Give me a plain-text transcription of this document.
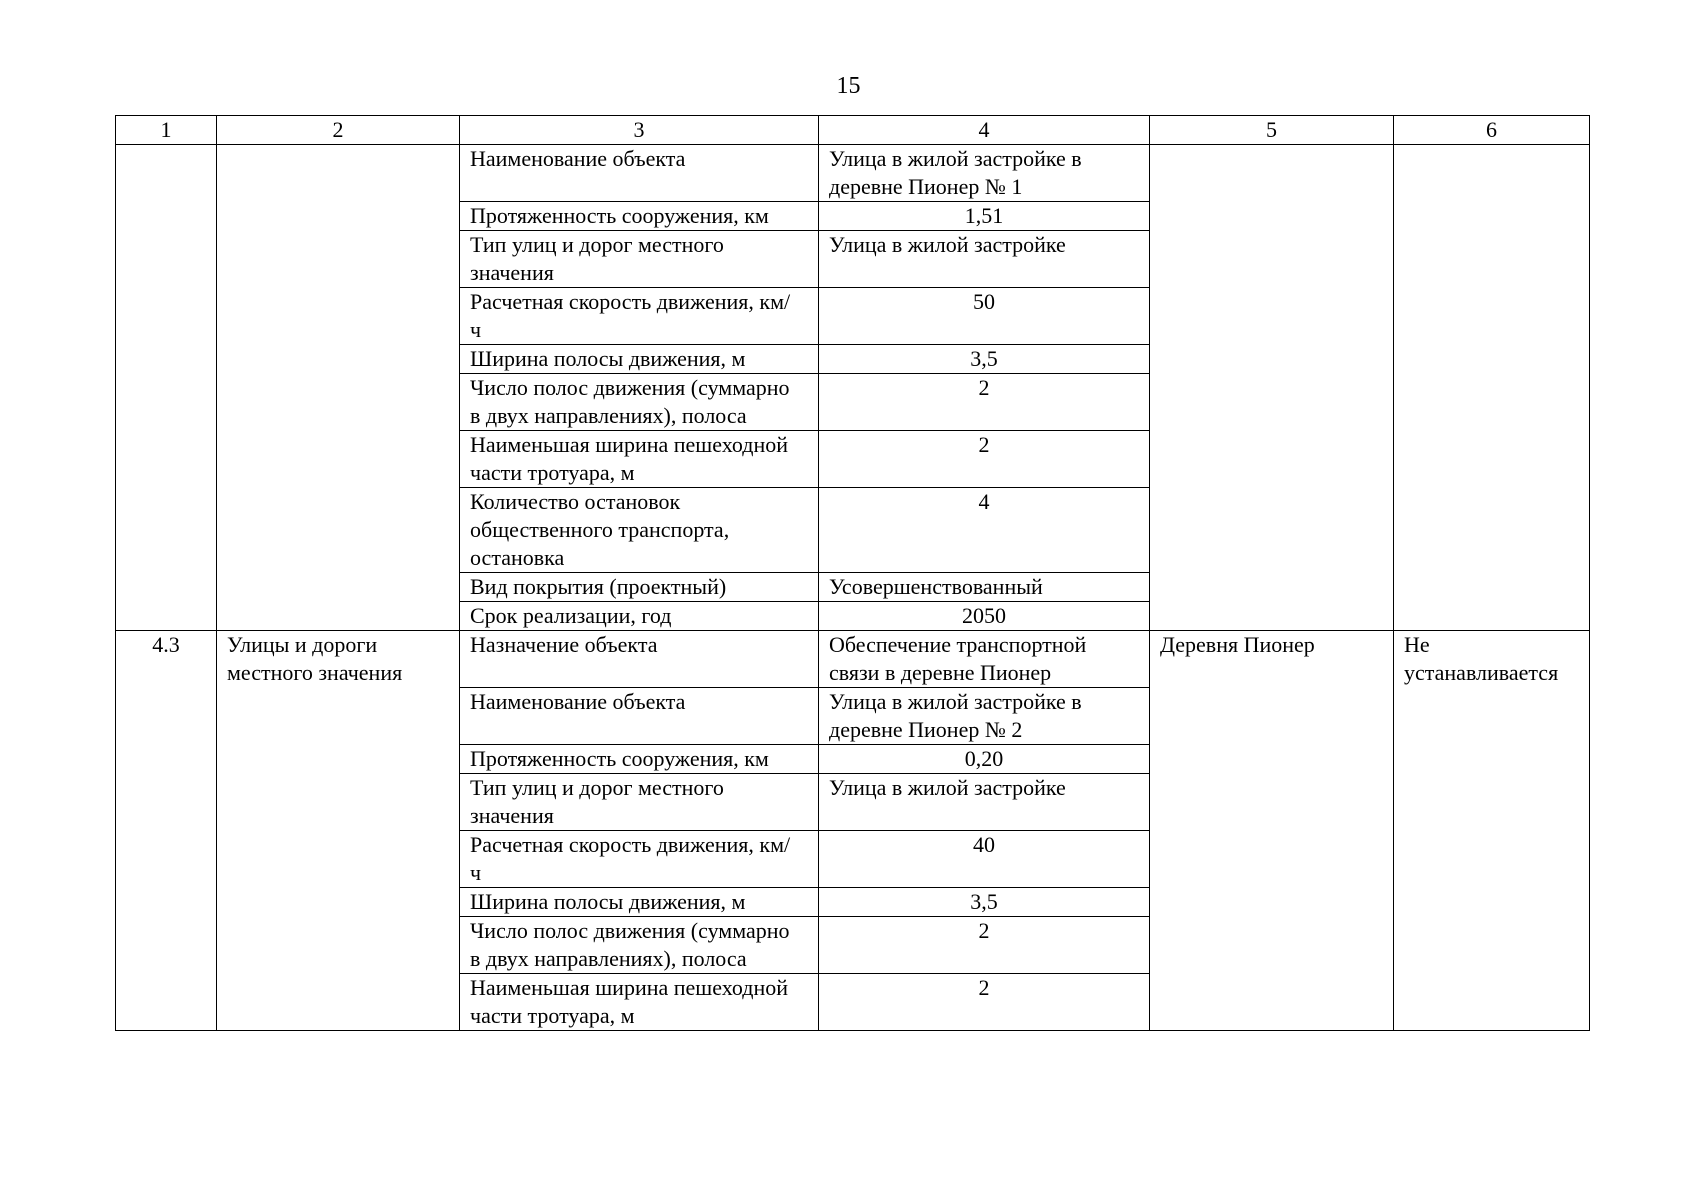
15
1	2	3	4	5	6

		Наименование объекта	Улица в жилой застройке в деревне Пионер № 1		

		Протяженность сооружения, км	1,51		

		Тип улиц и дорог местного значения	Улица в жилой застройке		

		Расчетная скорость движения, км/ч	50		

		Ширина полосы движения, м	3,5		

		Число полос движения (суммарно в двух направлениях), полоса	2		

		Наименьшая ширина пешеходной части тротуара, м	2		

		Количество остановок общественного транспорта, остановка	4		

		Вид покрытия (проектный)	Усовершенствованный		

		Срок реализации, год	2050		
4.3	Улицы и дороги местного значения	Назначение объекта	Обеспечение транспортной связи в деревне Пионер	Деревня Пионер	Не устанавливается

		Наименование объекта	Улица в жилой застройке в деревне Пионер № 2		

		Протяженность сооружения, км	0,20		

		Тип улиц и дорог местного значения	Улица в жилой застройке		

		Расчетная скорость движения, км/ч	40		

		Ширина полосы движения, м	3,5		

		Число полос движения (суммарно в двух направлениях), полоса	2		

		Наименьшая ширина пешеходной части тротуара, м	2		
